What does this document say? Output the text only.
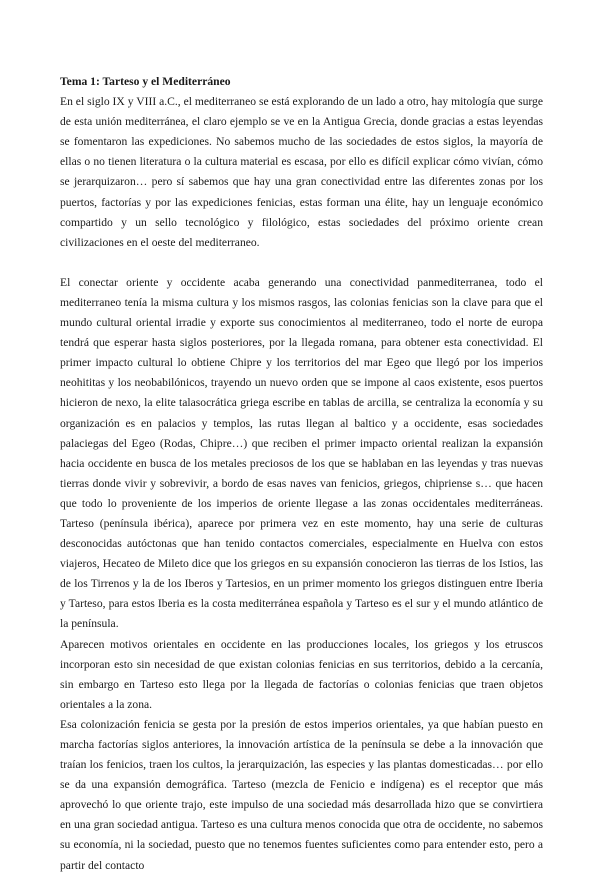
Tema 1: Tarteso y el Mediterráneo

En el siglo IX y VIII a.C., el mediterraneo se está explorando de un lado a otro, hay mitología que surge de esta unión mediterránea, el claro ejemplo se ve en la Antigua Grecia, donde gracias a estas leyendas se fomentaron las expediciones. No sabemos mucho de las sociedades de estos siglos, la mayoría de ellas o no tienen literatura o la cultura material es escasa, por ello es difícil explicar cómo vivían, cómo se jerarquizaron… pero sí sabemos que hay una gran conectividad entre las diferentes zonas por los puertos, factorías y por las expediciones fenicias, estas forman una élite, hay un lenguaje económico compartido y un sello tecnológico y filológico, estas sociedades del próximo oriente crean civilizaciones en el oeste del mediterraneo.

El conectar oriente y occidente acaba generando una conectividad panmediterranea, todo el mediterraneo tenía la misma cultura y los mismos rasgos, las colonias fenicias son la clave para que el mundo cultural oriental irradie y exporte sus conocimientos al mediterraneo, todo el norte de europa tendrá que esperar hasta siglos posteriores, por la llegada romana, para obtener esta conectividad. El primer impacto cultural lo obtiene Chipre y los territorios del mar Egeo que llegó por los imperios neohititas y los neobabilónicos, trayendo un nuevo orden que se impone al caos existente, esos puertos hicieron de nexo, la elite talasocrática griega escribe en tablas de arcilla, se centraliza la economía y su organización es en palacios y templos, las rutas llegan al baltico y a occidente, esas sociedades palaciegas del Egeo (Rodas, Chipre…) que reciben el primer impacto oriental realizan la expansión hacia occidente en busca de los metales preciosos de los que se hablaban en las leyendas y tras nuevas tierras donde vivir y sobrevivir, a bordo de esas naves van fenicios, griegos, chipriense s… que hacen que todo lo proveniente de los imperios de oriente llegase a las zonas occidentales mediterráneas. Tarteso (península ibérica), aparece por primera vez en este momento, hay una serie de culturas desconocidas autóctonas que han tenido contactos comerciales, especialmente en Huelva con estos viajeros, Hecateo de Mileto dice que los griegos en su expansión conocieron las tierras de los Istios, las de los Tirrenos y la de los Iberos y Tartesios, en un primer momento los griegos distinguen entre Iberia y Tarteso, para estos Iberia es la costa mediterránea española y Tarteso es el sur y el mundo atlántico de la península.

Aparecen motivos orientales en occidente en las producciones locales, los griegos y los etruscos incorporan esto sin necesidad de que existan colonias fenicias en sus territorios, debido a la cercanía, sin embargo en Tarteso esto llega por la llegada de factorías o colonias fenicias que traen objetos orientales a la zona.

Esa colonización fenicia se gesta por la presión de estos imperios orientales, ya que habían puesto en marcha factorías siglos anteriores, la innovación artística de la península se debe a la innovación que traían los fenicios, traen los cultos, la jerarquización, las especies y las plantas domesticadas… por ello se da una expansión demográfica. Tarteso (mezcla de Fenicio e indígena) es el receptor que más aprovechó lo que oriente trajo, este impulso de una sociedad más desarrollada hizo que se convirtiera en una gran sociedad antigua. Tarteso es una cultura menos conocida que otra de occidente, no sabemos su economía, ni la sociedad, puesto que no tenemos fuentes suficientes como para entender esto, pero a partir del contacto
